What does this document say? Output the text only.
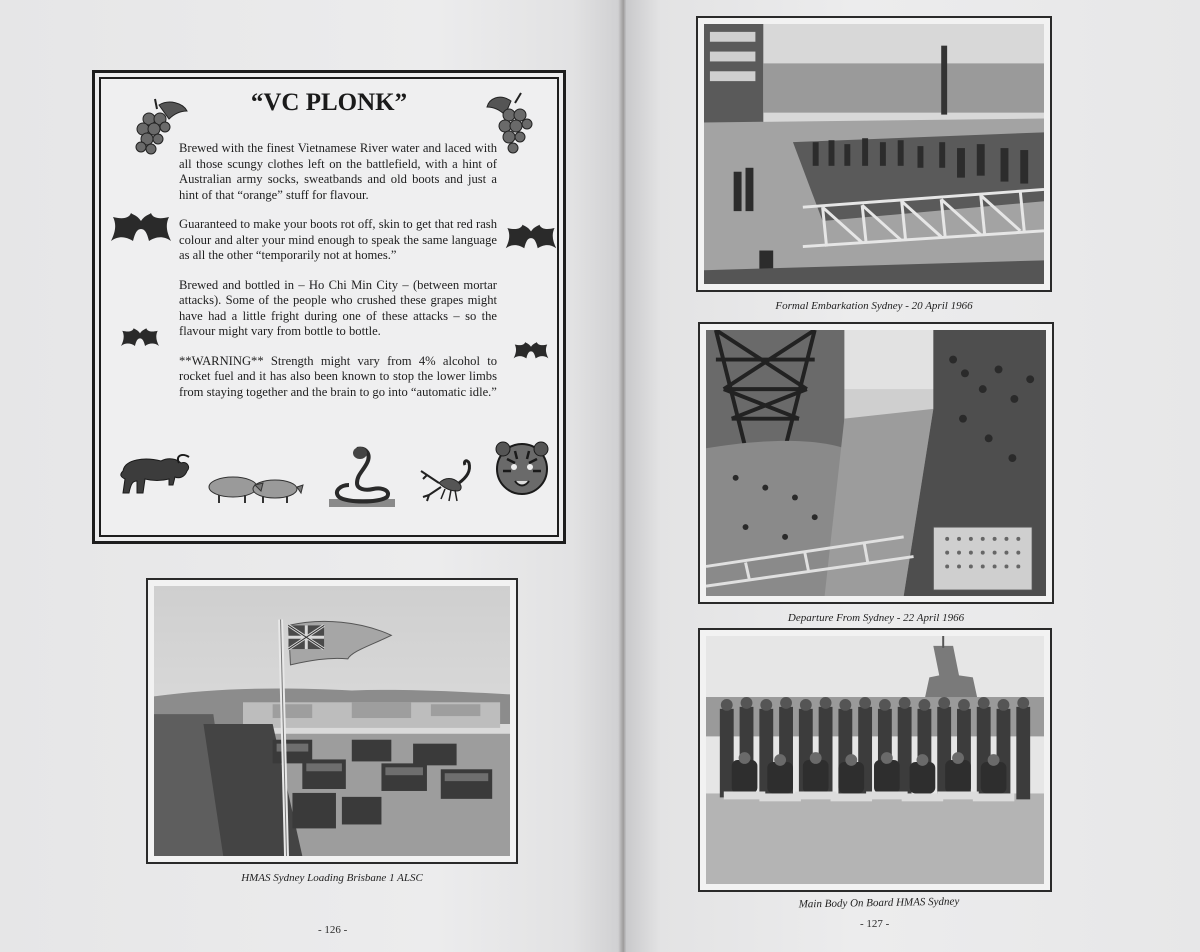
“VC PLONK”

Brewed with the finest Vietnamese River water and laced with all those scungy clothes left on the battlefield, with a hint of Australian army socks, sweatbands and old boots and just a hint of that “orange” stuff for flavour.

Guaranteed to make your boots rot off, skin to get that red rash colour and alter your mind enough to speak the same language as all the other “temporarily not at homes.”

Brewed and bottled in – Ho Chi Min City – (between mortar attacks). Some of the people who crushed these grapes might have had a little fright during one of these attacks – so the flavour might vary from bottle to bottle.

**WARNING** Strength might vary from 4% alcohol to rocket fuel and it has also been known to stop the lower limbs from staying together and the brain to go into “automatic idle.”

HMAS Sydney Loading Brisbane 1 ALSC
- 126 -
Formal Embarkation Sydney - 20 April 1966
Departure From Sydney - 22 April 1966
Main Body On Board HMAS Sydney
- 127 -
